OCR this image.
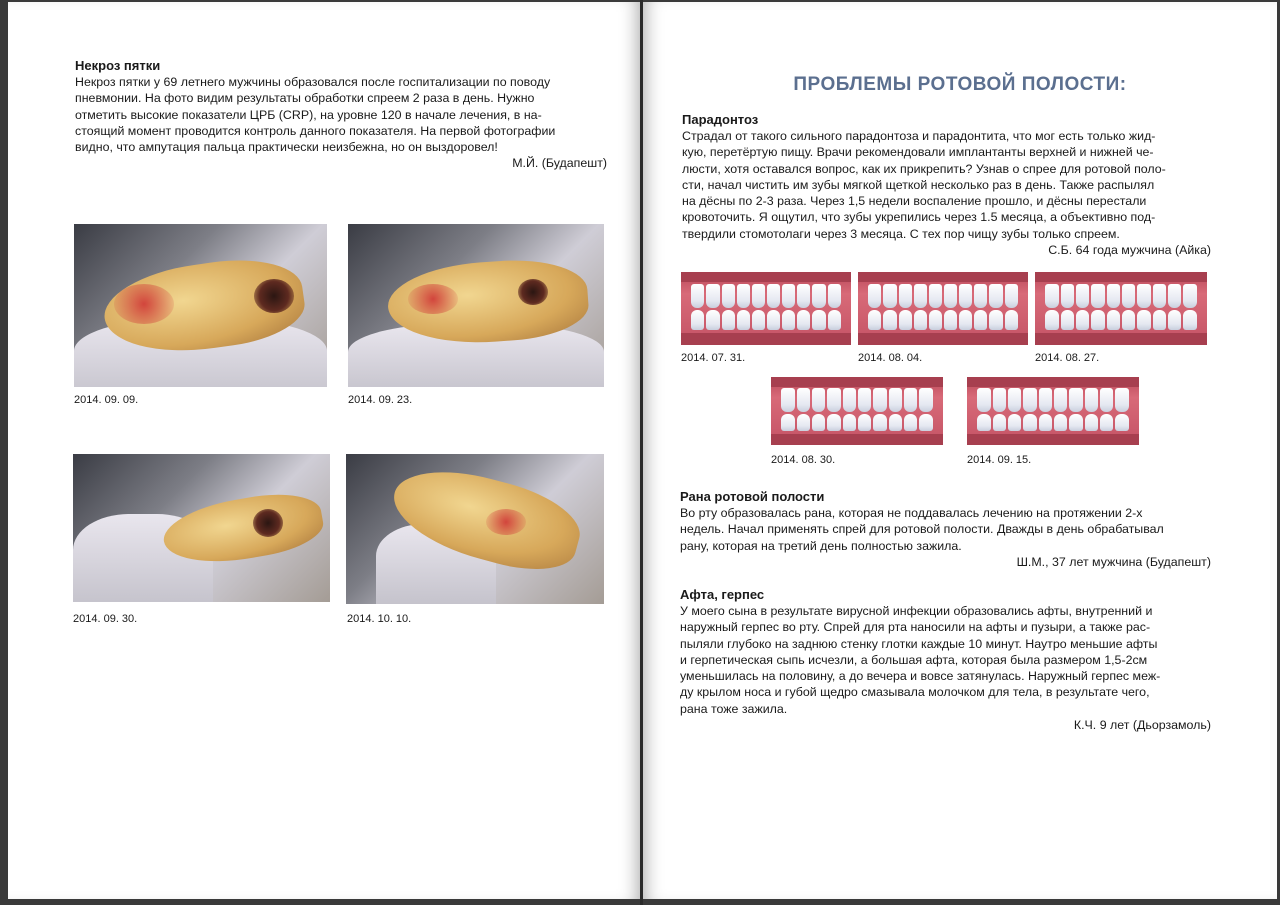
Некроз пятки

Некроз пятки у 69 летнего мужчины образовался после госпитализации по поводу
пневмонии. На фото видим результаты обработки спреем 2 раза в день. Нужно
отметить высокие показатели ЦРБ (CRP), на уровне 120 в начале лечения, в на-
стоящий момент проводится контроль данного показателя. На первой фотографии
видно, что ампутация пальца практически неизбежна, но он выздоровел!

М.Й. (Будапешт)

2014. 09. 09.	2014. 09. 23.
2014. 09. 30.	2014. 10. 10.
ПРОБЛЕМЫ РОТОВОЙ ПОЛОСТИ:
Парадонтоз

Страдал от такого сильного парадонтоза и парадонтита, что мог есть только жид-
кую, перетёртую пищу. Врачи рекомендовали имплантанты верхней и нижней че-
люсти, хотя оставался вопрос, как их прикрепить? Узнав о спрее для ротовой поло-
сти, начал чистить им зубы мягкой щеткой несколько раз в день. Также распылял
на дёсны по 2-3 раза. Через 1,5 недели воспаление прошло, и дёсны перестали
кровоточить. Я ощутил, что зубы укрепились через 1.5 месяца, а объективно под-
твердили стомотолаги через 3 месяца. С тех пор чищу зубы только спреем.

С.Б. 64 года мужчина (Айка)

2014. 07. 31.	2014. 08. 04.	2014. 08. 27.
2014. 08. 30.	2014. 09. 15.
Рана ротовой полости

Во рту образовалась рана, которая не поддавалась лечению на протяжении 2-х
недель. Начал применять спрей для ротовой полости. Дважды в день обрабатывал
рану, которая на третий день полностью зажила.

Ш.М., 37 лет мужчина (Будапешт)

Афта, герпес

У моего сына в результате вирусной инфекции образовались афты, внутренний и
наружный герпес во рту. Спрей для рта наносили на афты и пузыри, а также рас-
пыляли глубоко на заднюю стенку глотки каждые 10 минут. Наутро меньшие афты
и герпетическая сыпь исчезли, а большая афта, которая была размером 1,5-2см
уменьшилась на половину, а до вечера и вовсе затянулась. Наружный герпес меж-
ду крылом носа и губой щедро смазывала молочком для тела, в результате чего,
рана тоже зажила.

К.Ч. 9 лет (Дьорзамоль)
